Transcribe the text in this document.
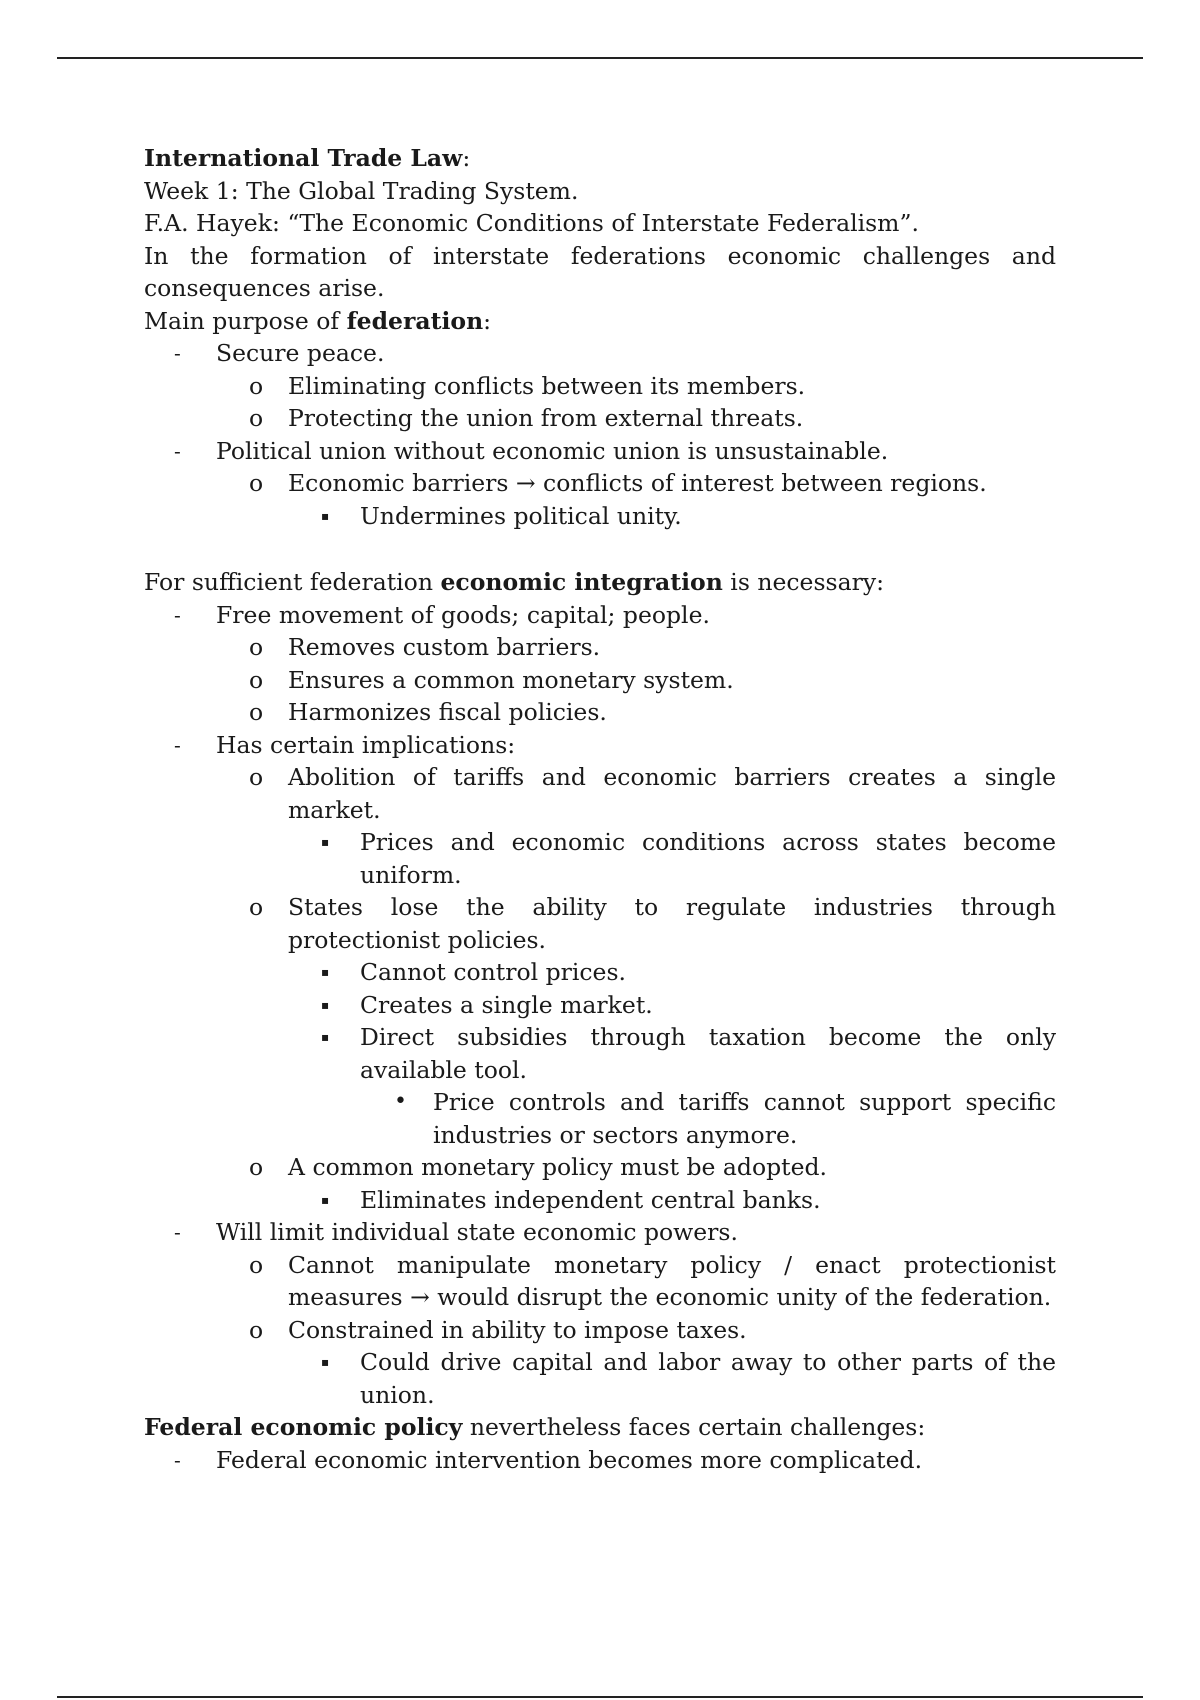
International Trade Law:

Week 1: The Global Trading System.

F.A. Hayek: “The Economic Conditions of Interstate Federalism”.

In the formation of interstate federations economic challenges and consequences arise.

Main purpose of federation:

-	Secure peace.
o Eliminating conflicts between its members.
o Protecting the union from external threats.
-	Political union without economic union is unsustainable.
o Economic barriers → conflicts of interest between regions.
▪	Undermines political unity.

For sufficient federation economic integration is necessary:

-	Free movement of goods; capital; people.
o Removes custom barriers.
o Ensures a common monetary system.
o Harmonizes fiscal policies.
-	Has certain implications:
o Abolition of tariffs and economic barriers creates a single market.
▪	Prices and economic conditions across states become uniform.
o States lose the ability to regulate industries through protectionist policies.
▪	Cannot control prices.
▪	Creates a single market.
▪	Direct subsidies through taxation become the only available tool.
• Price controls and tariffs cannot support specific industries or sectors anymore.
o A common monetary policy must be adopted.
▪	Eliminates independent central banks.
-	Will limit individual state economic powers.
o Cannot manipulate monetary policy / enact protectionist measures → would disrupt the economic unity of the federation.
o Constrained in ability to impose taxes.
▪	Could drive capital and labor away to other parts of the union.

Federal economic policy nevertheless faces certain challenges:

-	Federal economic intervention becomes more complicated.
